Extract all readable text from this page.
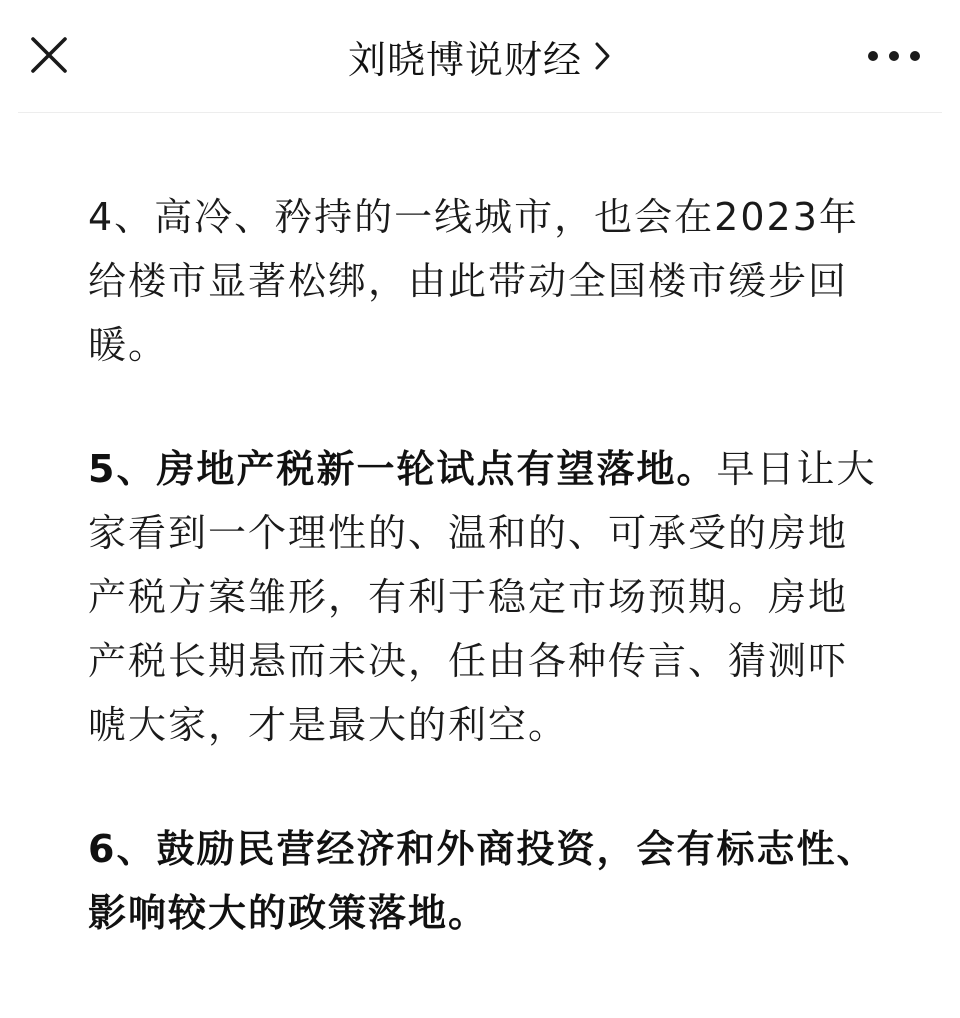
刘晓博说财经

4、高冷、矜持的一线城市，也会在2023年给楼市显著松绑，由此带动全国楼市缓步回暖。

5、房地产税新一轮试点有望落地。早日让大家看到一个理性的、温和的、可承受的房地产税方案雏形，有利于稳定市场预期。房地产税长期悬而未决，任由各种传言、猜测吓唬大家，才是最大的利空。

6、鼓励民营经济和外商投资，会有标志性、影响较大的政策落地。
